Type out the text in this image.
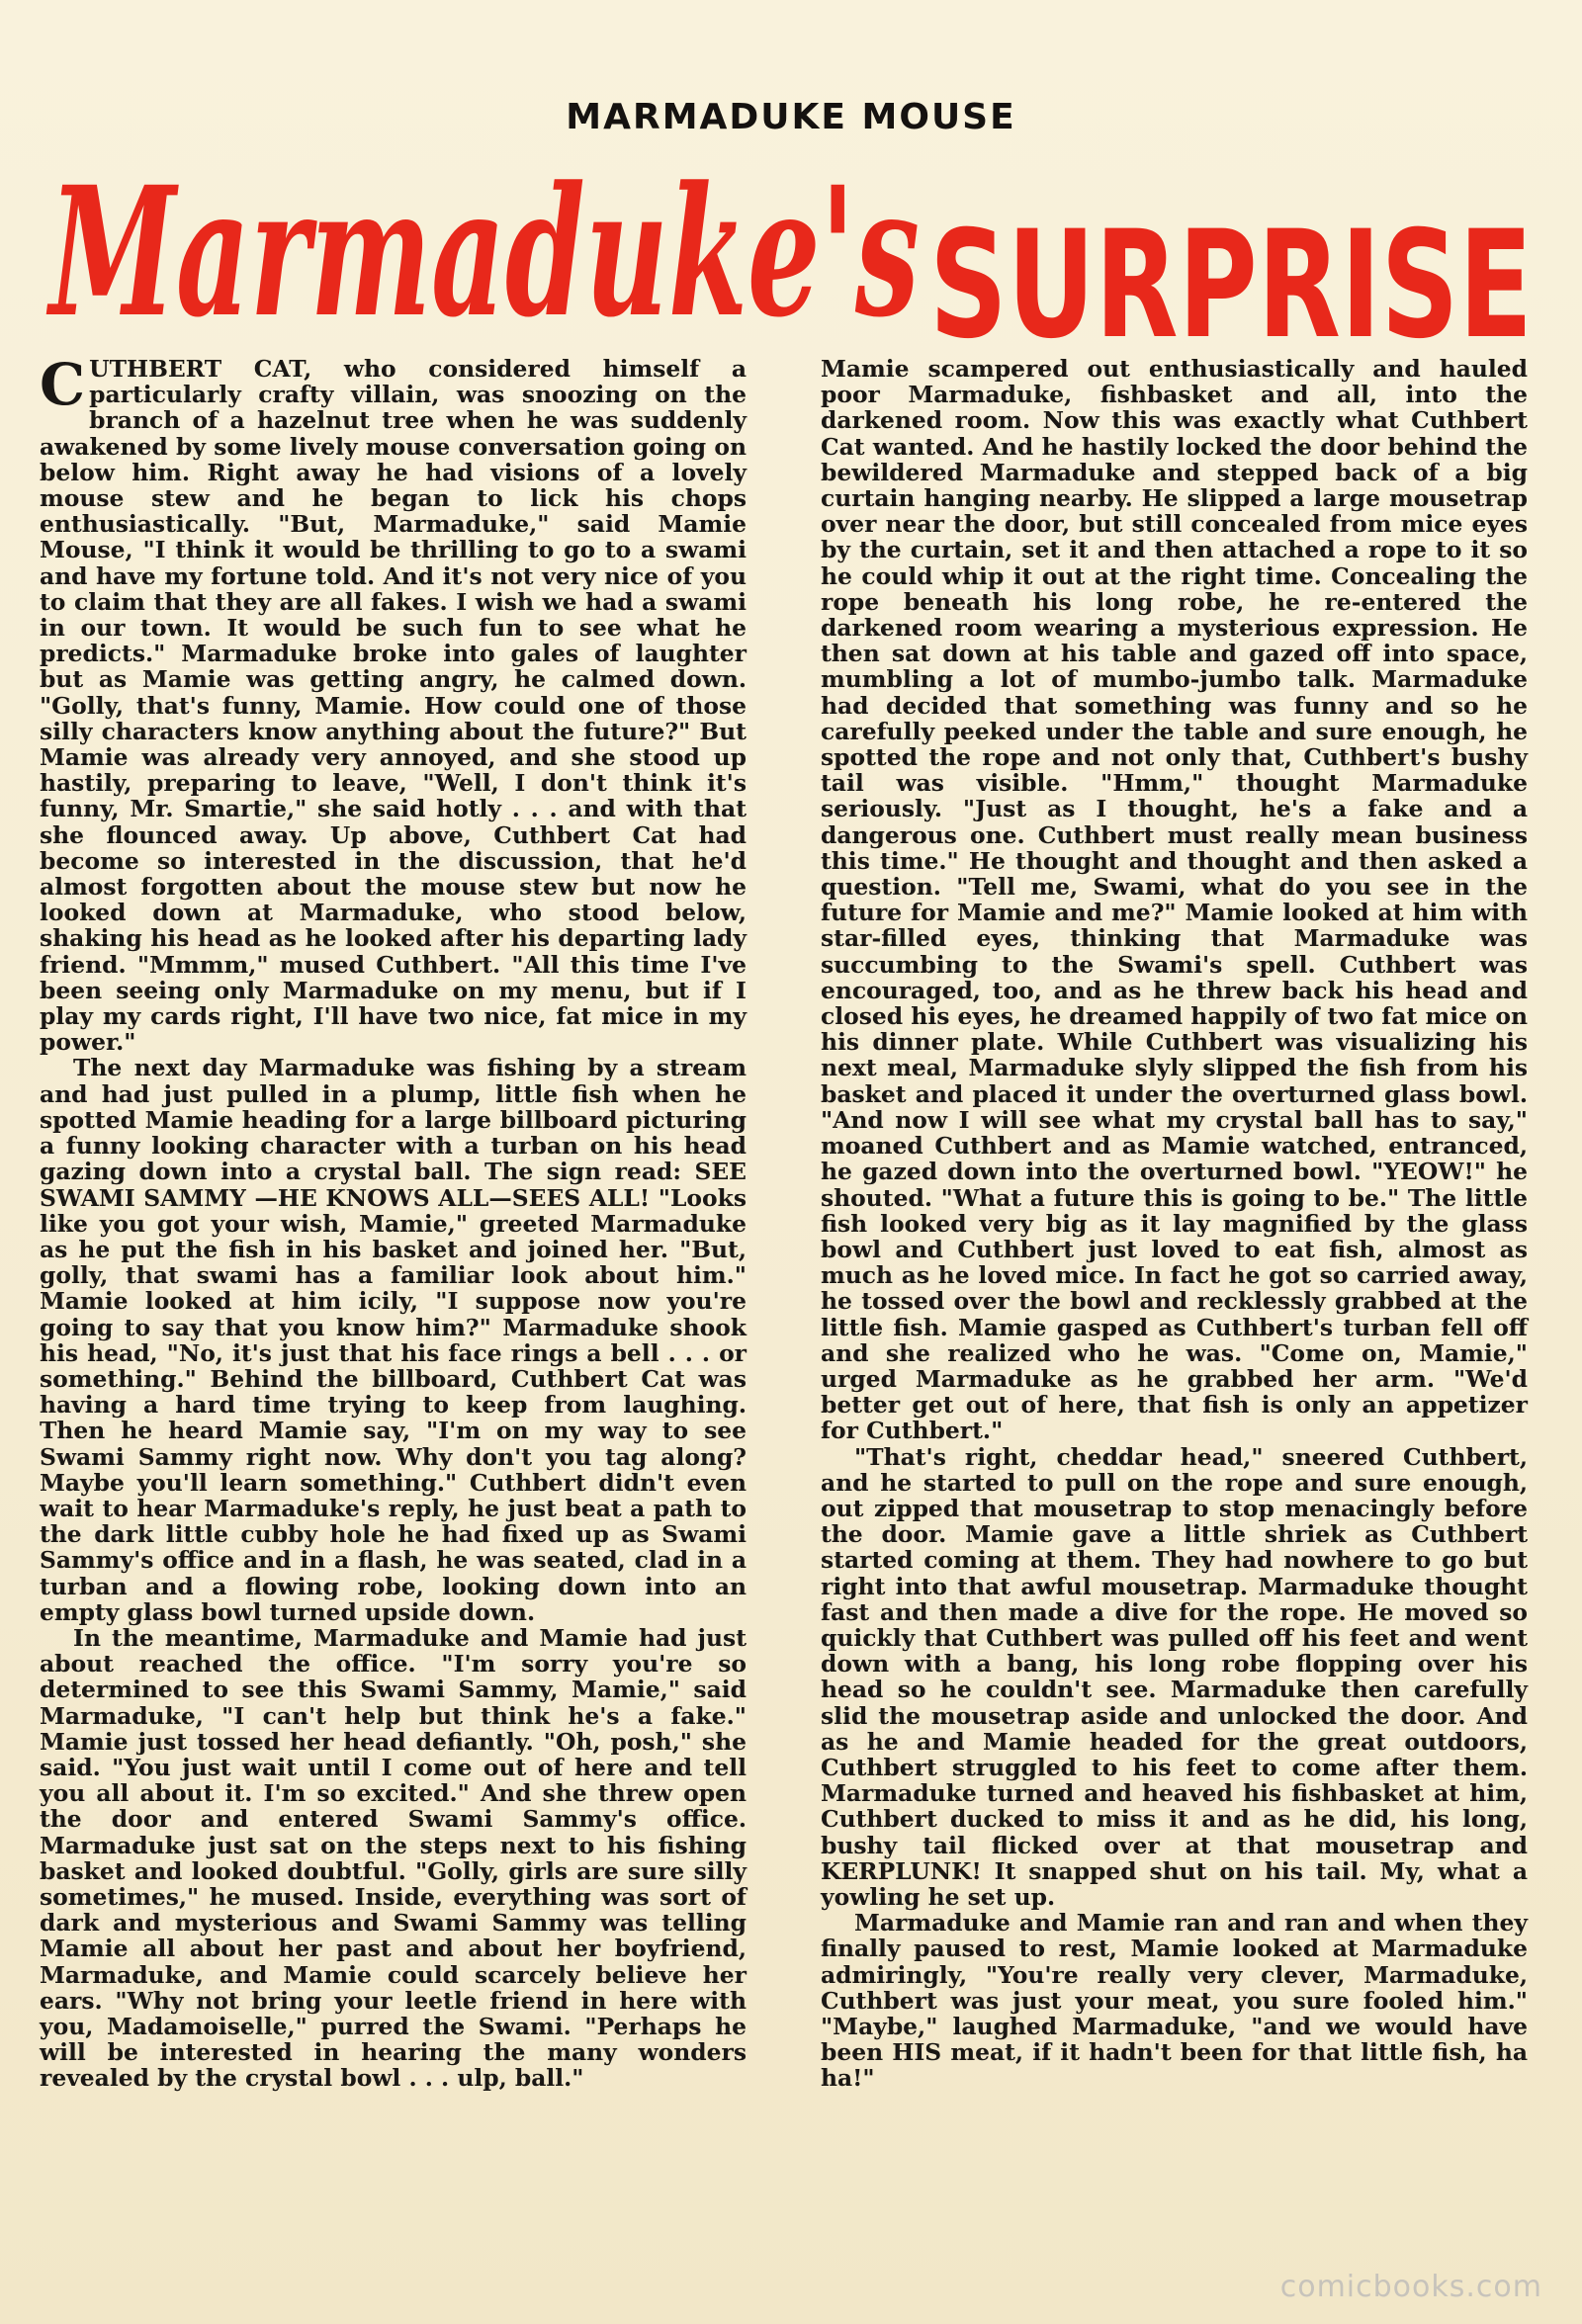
MARMADUKE MOUSE
Marmaduke's SURPRISE

CUTHBERT CAT, who considered himself a particularly crafty villain, was snoozing on the branch of a hazelnut tree when he was suddenly awakened by some lively mouse conversation going on below him. Right away he had visions of a lovely mouse stew and he began to lick his chops enthusiastically. "But, Marmaduke," said Mamie Mouse, "I think it would be thrilling to go to a swami and have my fortune told. And it's not very nice of you to claim that they are all fakes. I wish we had a swami in our town. It would be such fun to see what he predicts." Marmaduke broke into gales of laughter but as Mamie was getting angry, he calmed down. "Golly, that's funny, Mamie. How could one of those silly characters know anything about the future?" But Mamie was already very annoyed, and she stood up hastily, preparing to leave, "Well, I don't think it's funny, Mr. Smartie," she said hotly . . . and with that she flounced away. Up above, Cuthbert Cat had become so interested in the discussion, that he'd almost forgotten about the mouse stew but now he looked down at Marmaduke, who stood below, shaking his head as he looked after his departing lady friend. "Mmmm," mused Cuthbert. "All this time I've been seeing only Marmaduke on my menu, but if I play my cards right, I'll have two nice, fat mice in my power."

The next day Marmaduke was fishing by a stream and had just pulled in a plump, little fish when he spotted Mamie heading for a large billboard picturing a funny looking character with a turban on his head gazing down into a crystal ball. The sign read: SEE SWAMI SAMMY —HE KNOWS ALL—SEES ALL! "Looks like you got your wish, Mamie," greeted Marmaduke as he put the fish in his basket and joined her. "But, golly, that swami has a familiar look about him." Mamie looked at him icily, "I suppose now you're going to say that you know him?" Marmaduke shook his head, "No, it's just that his face rings a bell . . . or something." Behind the billboard, Cuthbert Cat was having a hard time trying to keep from laughing. Then he heard Mamie say, "I'm on my way to see Swami Sammy right now. Why don't you tag along? Maybe you'll learn something." Cuthbert didn't even wait to hear Marmaduke's reply, he just beat a path to the dark little cubby hole he had fixed up as Swami Sammy's office and in a flash, he was seated, clad in a turban and a flowing robe, looking down into an empty glass bowl turned upside down.

In the meantime, Marmaduke and Mamie had just about reached the office. "I'm sorry you're so determined to see this Swami Sammy, Mamie," said Marmaduke, "I can't help but think he's a fake." Mamie just tossed her head defiantly. "Oh, posh," she said. "You just wait until I come out of here and tell you all about it. I'm so excited." And she threw open the door and entered Swami Sammy's office. Marmaduke just sat on the steps next to his fishing basket and looked doubtful. "Golly, girls are sure silly sometimes," he mused. Inside, everything was sort of dark and mysterious and Swami Sammy was telling Mamie all about her past and about her boyfriend, Marmaduke, and Mamie could scarcely believe her ears. "Why not bring your leetle friend in here with you, Madamoiselle," purred the Swami. "Perhaps he will be interested in hearing the many wonders revealed by the crystal bowl . . . ulp, ball."

Mamie scampered out enthusiastically and hauled poor Marmaduke, fishbasket and all, into the darkened room. Now this was exactly what Cuthbert Cat wanted. And he hastily locked the door behind the bewildered Marmaduke and stepped back of a big curtain hanging nearby. He slipped a large mousetrap over near the door, but still concealed from mice eyes by the curtain, set it and then attached a rope to it so he could whip it out at the right time. Concealing the rope beneath his long robe, he re-entered the darkened room wearing a mysterious expression. He then sat down at his table and gazed off into space, mumbling a lot of mumbo-jumbo talk. Marmaduke had decided that something was funny and so he carefully peeked under the table and sure enough, he spotted the rope and not only that, Cuthbert's bushy tail was visible. "Hmm," thought Marmaduke seriously. "Just as I thought, he's a fake and a dangerous one. Cuthbert must really mean business this time." He thought and thought and then asked a question. "Tell me, Swami, what do you see in the future for Mamie and me?" Mamie looked at him with star-filled eyes, thinking that Marmaduke was succumbing to the Swami's spell. Cuthbert was encouraged, too, and as he threw back his head and closed his eyes, he dreamed happily of two fat mice on his dinner plate. While Cuthbert was visualizing his next meal, Marmaduke slyly slipped the fish from his basket and placed it under the overturned glass bowl. "And now I will see what my crystal ball has to say," moaned Cuthbert and as Mamie watched, entranced, he gazed down into the overturned bowl. "YEOW!" he shouted. "What a future this is going to be." The little fish looked very big as it lay magnified by the glass bowl and Cuthbert just loved to eat fish, almost as much as he loved mice. In fact he got so carried away, he tossed over the bowl and recklessly grabbed at the little fish. Mamie gasped as Cuthbert's turban fell off and she realized who he was. "Come on, Mamie," urged Marmaduke as he grabbed her arm. "We'd better get out of here, that fish is only an appetizer for Cuthbert."

"That's right, cheddar head," sneered Cuthbert, and he started to pull on the rope and sure enough, out zipped that mousetrap to stop menacingly before the door. Mamie gave a little shriek as Cuthbert started coming at them. They had nowhere to go but right into that awful mousetrap. Marmaduke thought fast and then made a dive for the rope. He moved so quickly that Cuthbert was pulled off his feet and went down with a bang, his long robe flopping over his head so he couldn't see. Marmaduke then carefully slid the mousetrap aside and unlocked the door. And as he and Mamie headed for the great outdoors, Cuthbert struggled to his feet to come after them. Marmaduke turned and heaved his fishbasket at him, Cuthbert ducked to miss it and as he did, his long, bushy tail flicked over at that mousetrap and KERPLUNK! It snapped shut on his tail. My, what a yowling he set up.

Marmaduke and Mamie ran and ran and when they finally paused to rest, Mamie looked at Marmaduke admiringly, "You're really very clever, Marmaduke, Cuthbert was just your meat, you sure fooled him." "Maybe," laughed Marmaduke, "and we would have been HIS meat, if it hadn't been for that little fish, ha ha!"

comicbooks.com
